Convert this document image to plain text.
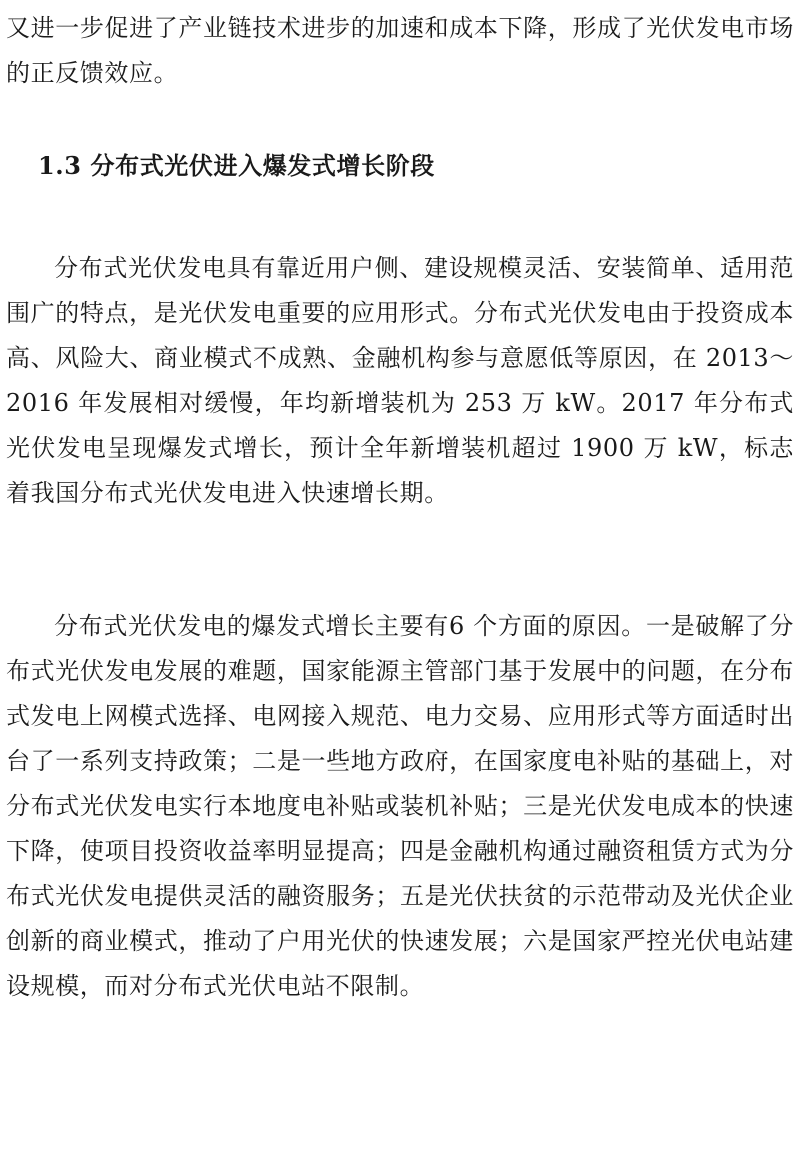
又进一步促进了产业链技术进步的加速和成本下降，形成了光伏发电市场的正反馈效应。

1.3 分布式光伏进入爆发式增长阶段

分布式光伏发电具有靠近用户侧、建设规模灵活、安装简单、适用范围广的特点，是光伏发电重要的应用形式。分布式光伏发电由于投资成本高、风险大、商业模式不成熟、金融机构参与意愿低等原因，在 2013～2016 年发展相对缓慢，年均新增装机为 253 万 kW。2017 年分布式光伏发电呈现爆发式增长，预计全年新增装机超过 1900 万 kW，标志着我国分布式光伏发电进入快速增长期。

分布式光伏发电的爆发式增长主要有6 个方面的原因。一是破解了分布式光伏发电发展的难题，国家能源主管部门基于发展中的问题，在分布式发电上网模式选择、电网接入规范、电力交易、应用形式等方面适时出台了一系列支持政策；二是一些地方政府，在国家度电补贴的基础上，对分布式光伏发电实行本地度电补贴或装机补贴；三是光伏发电成本的快速下降，使项目投资收益率明显提高；四是金融机构通过融资租赁方式为分布式光伏发电提供灵活的融资服务；五是光伏扶贫的示范带动及光伏企业创新的商业模式，推动了户用光伏的快速发展；六是国家严控光伏电站建设规模，而对分布式光伏电站不限制。
